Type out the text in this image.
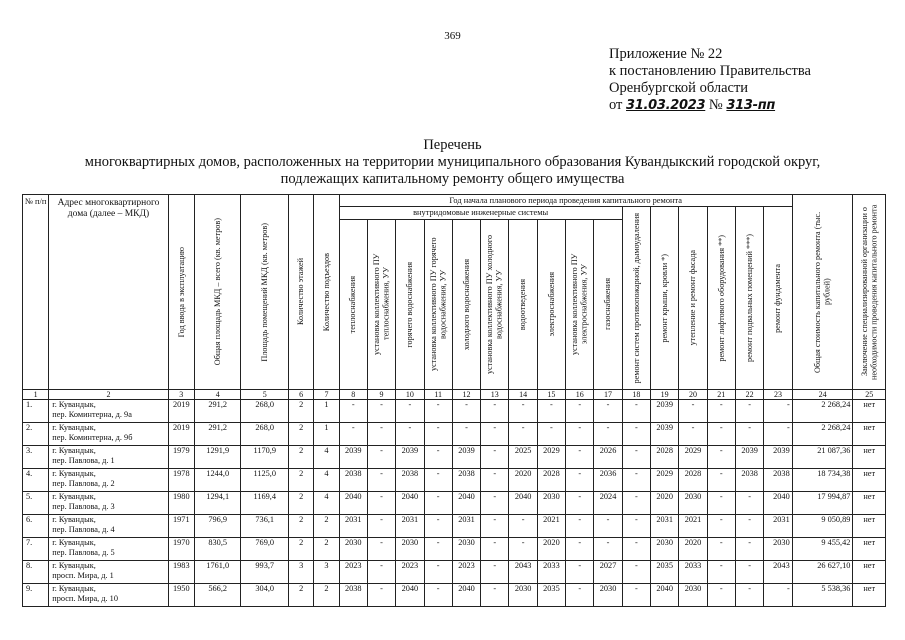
369
Приложение № 22
к постановлению Правительства
Оренбургской области
от 31.03.2023 № 313-пп
Перечень
многоквартирных домов, расположенных на территории муниципального образования Кувандыкский городской округ,
подлежащих капитальному ремонту общего имущества
№ п/п	Адрес многоквартирного дома (далее – МКД)	Год ввода в эксплуатацию	Общая площадь МКД – всего (кв. метров)	Площадь помещений МКД (кв. метров)	Количество этажей	Количество подъездов	Год начала планового периода проведения капитального ремонта																Общая стоимость капитального ремонта (тыс. рублей)	Заключение специализированной организации о необходимости проведения капитального ремонта

							внутридомовые инженерные системы										ремонт систем противопожарной, дымоудаления	ремонт крыши, кровли *)	утепление и ремонт фасада	ремонт лифтового оборудования **)	ремонт подвальных помещений ***)	ремонт фундамента		

							теплоснабжения	установка коллективного ПУ теплоснабжения, УУ	горячего водоснабжения	установка коллективного ПУ горячего водоснабжения, УУ	холодного водоснабжения	установка коллективного ПУ холодного водоснабжения, УУ	водоотведения	электроснабжения	установка коллективного ПУ электроснабжения, УУ	газоснабжения								

1	2	3	4	5	6	7	8	9	10	11	12	13	14	15	16	17	18	19	20	21	22	23	24	25
1.	г. Кувандык,
пер. Коминтерна, д. 9а	2019	291,2	268,0	2	1	-	-	-	-	-	-	-	-	-	-	-	2039	-	-	-	-	2 268,24	нет
2.	г. Кувандык,
пер. Коминтерна, д. 9б	2019	291,2	268,0	2	1	-	-	-	-	-	-	-	-	-	-	-	2039	-	-	-	-	2 268,24	нет
3.	г. Кувандык,
пер. Павлова, д. 1	1979	1291,9	1170,9	2	4	2039	-	2039	-	2039	-	2025	2029	-	2026	-	2028	2029	-	2039	2039	21 087,36	нет
4.	г. Кувандык,
пер. Павлова, д. 2	1978	1244,0	1125,0	2	4	2038	-	2038	-	2038	-	2020	2028	-	2036	-	2029	2028	-	2038	2038	18 734,38	нет
5.	г. Кувандык,
пер. Павлова, д. 3	1980	1294,1	1169,4	2	4	2040	-	2040	-	2040	-	2040	2030	-	2024	-	2020	2030	-	-	2040	17 994,87	нет
6.	г. Кувандык,
пер. Павлова, д. 4	1971	796,9	736,1	2	2	2031	-	2031	-	2031	-	-	2021	-	-	-	2031	2021	-	-	2031	9 050,89	нет
7.	г. Кувандык,
пер. Павлова, д. 5	1970	830,5	769,0	2	2	2030	-	2030	-	2030	-	-	2020	-	-	-	2030	2020	-	-	2030	9 455,42	нет
8.	г. Кувандык,
просп. Мира, д. 1	1983	1761,0	993,7	3	3	2023	-	2023	-	2023	-	2043	2033	-	2027	-	2035	2033	-	-	2043	26 627,10	нет
9.	г. Кувандык,
просп. Мира, д. 10	1950	566,2	304,0	2	2	2038	-	2040	-	2040	-	2030	2035	-	2030	-	2040	2030	-	-	-	5 538,36	нет
